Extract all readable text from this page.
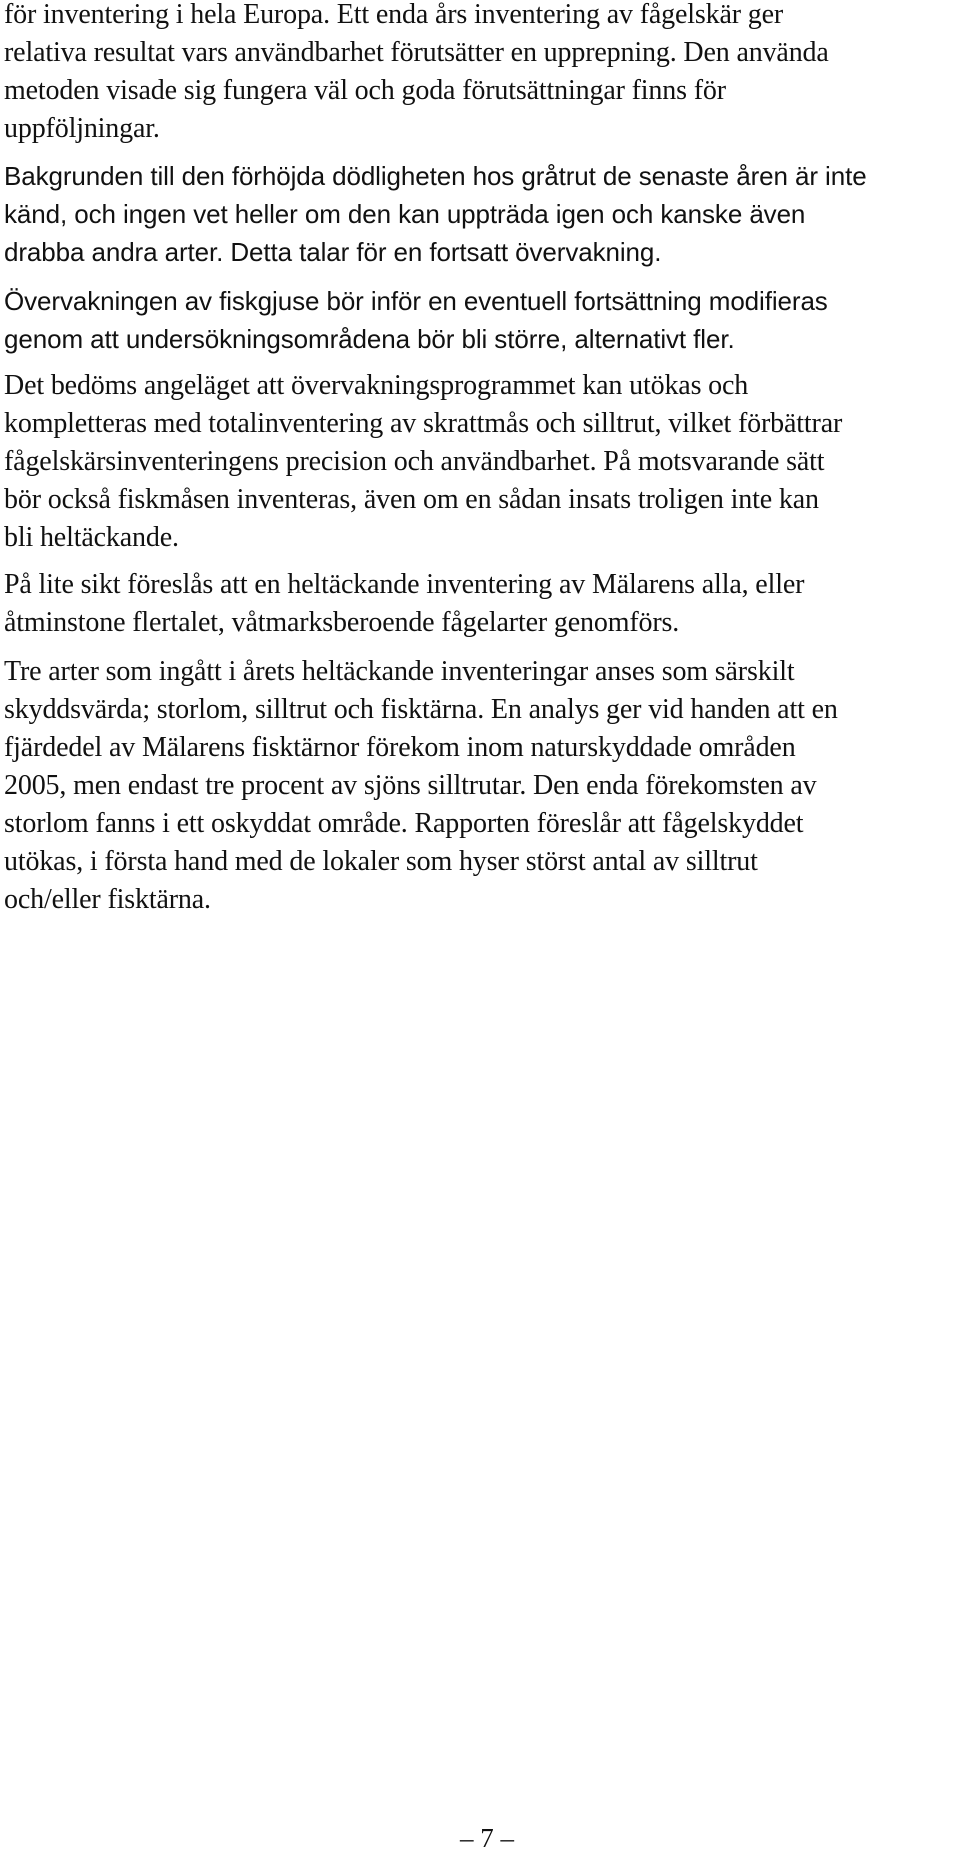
för inventering i hela Europa. Ett enda års inventering av fågelskär ger
relativa resultat vars användbarhet förutsätter en upprepning. Den använda
metoden visade sig fungera väl och goda förutsättningar finns för
uppföljningar.

Bakgrunden till den förhöjda dödligheten hos gråtrut de senaste åren är inte
känd, och ingen vet heller om den kan uppträda igen och kanske även
drabba andra arter. Detta talar för en fortsatt övervakning.

Övervakningen av fiskgjuse bör inför en eventuell fortsättning modifieras
genom att undersökningsområdena bör bli större, alternativt fler.

Det bedöms angeläget att övervakningsprogrammet kan utökas och
kompletteras med totalinventering av skrattmås och silltrut, vilket förbättrar
fågelskärsinventeringens precision och användbarhet. På motsvarande sätt
bör också fiskmåsen inventeras, även om en sådan insats troligen inte kan
bli heltäckande.

På lite sikt föreslås att en heltäckande inventering av Mälarens alla, eller
åtminstone flertalet, våtmarksberoende fågelarter genomförs.

Tre arter som ingått i årets heltäckande inventeringar anses som särskilt
skyddsvärda; storlom, silltrut och fisktärna. En analys ger vid handen att en
fjärdedel av Mälarens fisktärnor förekom inom naturskyddade områden
2005, men endast tre procent av sjöns silltrutar. Den enda förekomsten av
storlom fanns i ett oskyddat område. Rapporten föreslår att fågelskyddet
utökas, i första hand med de lokaler som hyser störst antal av silltrut
och/eller fisktärna.

– 7 –
